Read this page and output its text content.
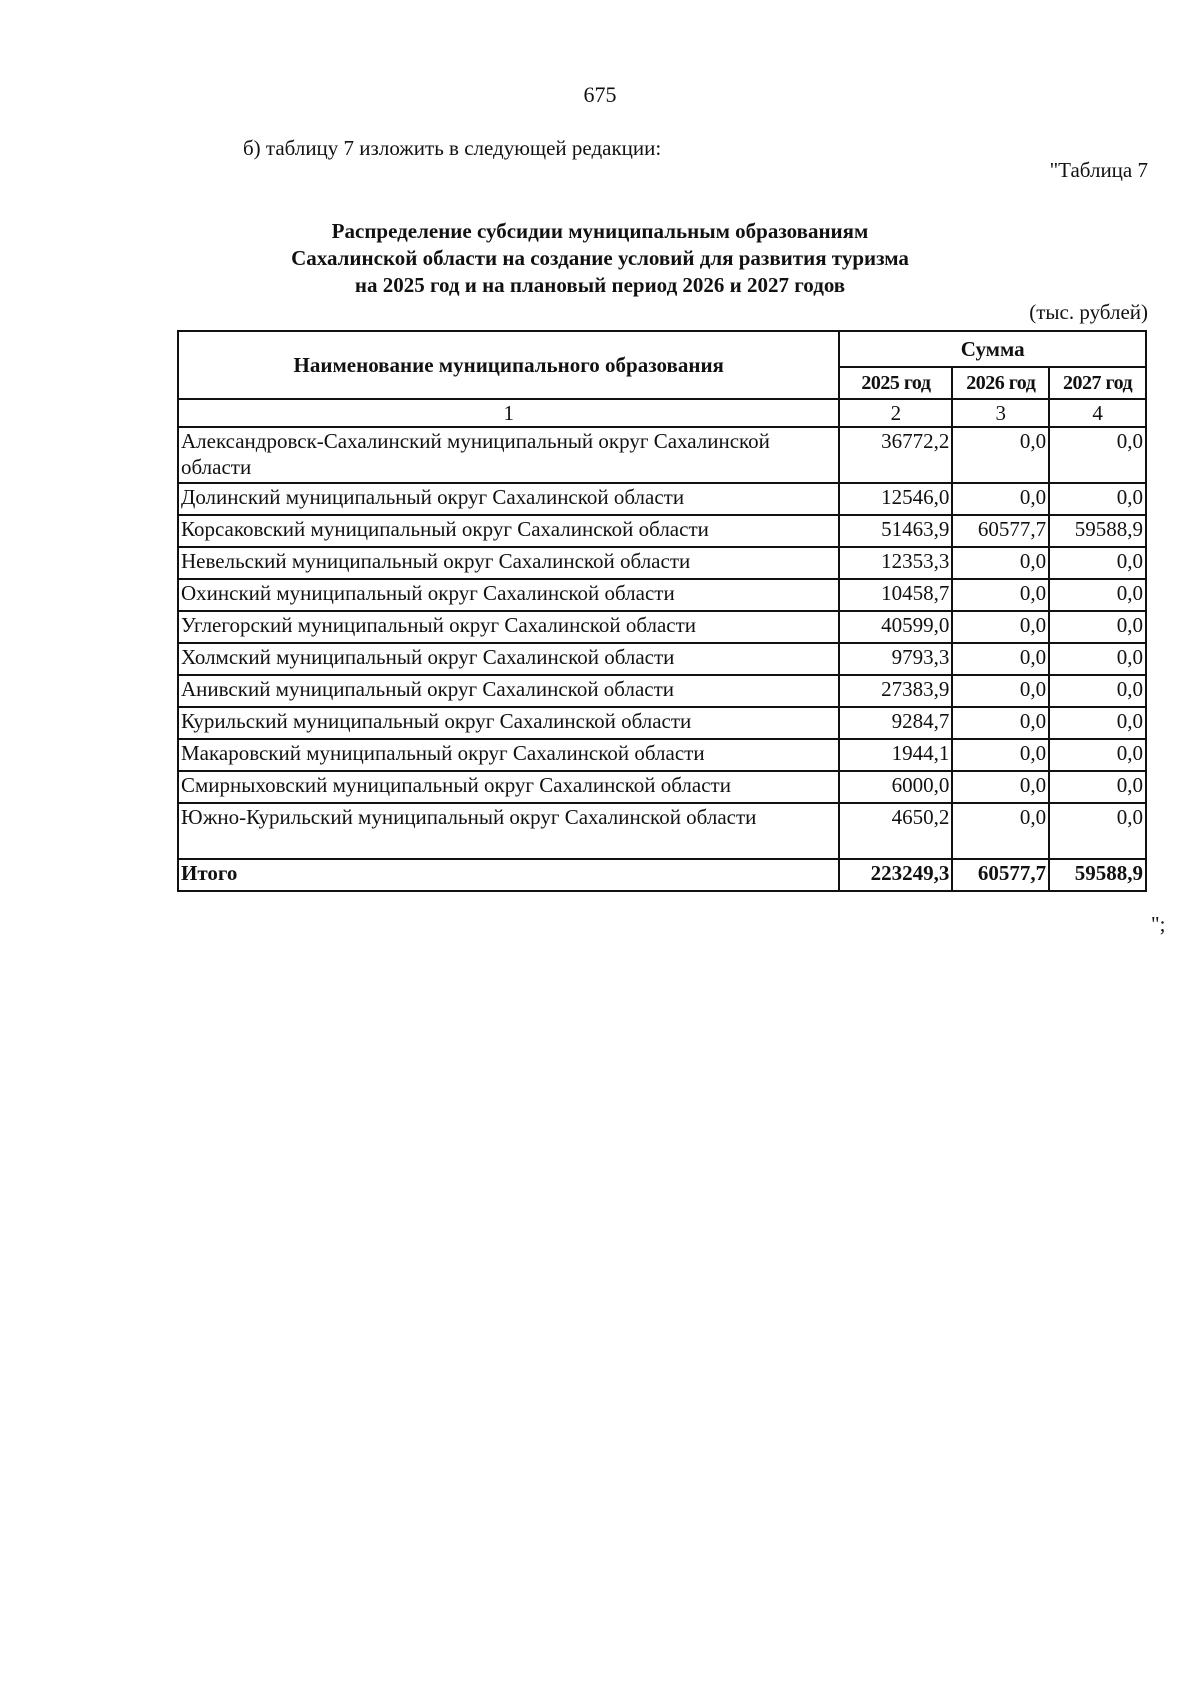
675
б) таблицу 7 изложить в следующей редакции:
"Таблица 7
Распределение субсидии муниципальным образованиям
Сахалинской области на создание условий для развития туризма
на 2025 год и на плановый период 2026 и 2027 годов
(тыс. рублей)
Наименование муниципального образования	Сумма		
	2025 год	2026 год	2027 год
1	2	3	4
Александровск-Сахалинский муниципальный округ Сахалинской области	36772,2	0,0	0,0
Долинский муниципальный округ Сахалинской области	12546,0	0,0	0,0
Корсаковский муниципальный округ Сахалинской области	51463,9	60577,7	59588,9
Невельский муниципальный округ Сахалинской области	12353,3	0,0	0,0
Охинский муниципальный округ Сахалинской области	10458,7	0,0	0,0
Углегорский муниципальный округ Сахалинской области	40599,0	0,0	0,0
Холмский муниципальный округ Сахалинской области	9793,3	0,0	0,0
Анивский муниципальный округ Сахалинской области	27383,9	0,0	0,0
Курильский муниципальный округ Сахалинской области	9284,7	0,0	0,0
Макаровский муниципальный округ Сахалинской области	1944,1	0,0	0,0
Смирныховский муниципальный округ Сахалинской области	6000,0	0,0	0,0
Южно-Курильский муниципальный округ Сахалинской области	4650,2	0,0	0,0
Итого	223249,3	60577,7	59588,9
";
